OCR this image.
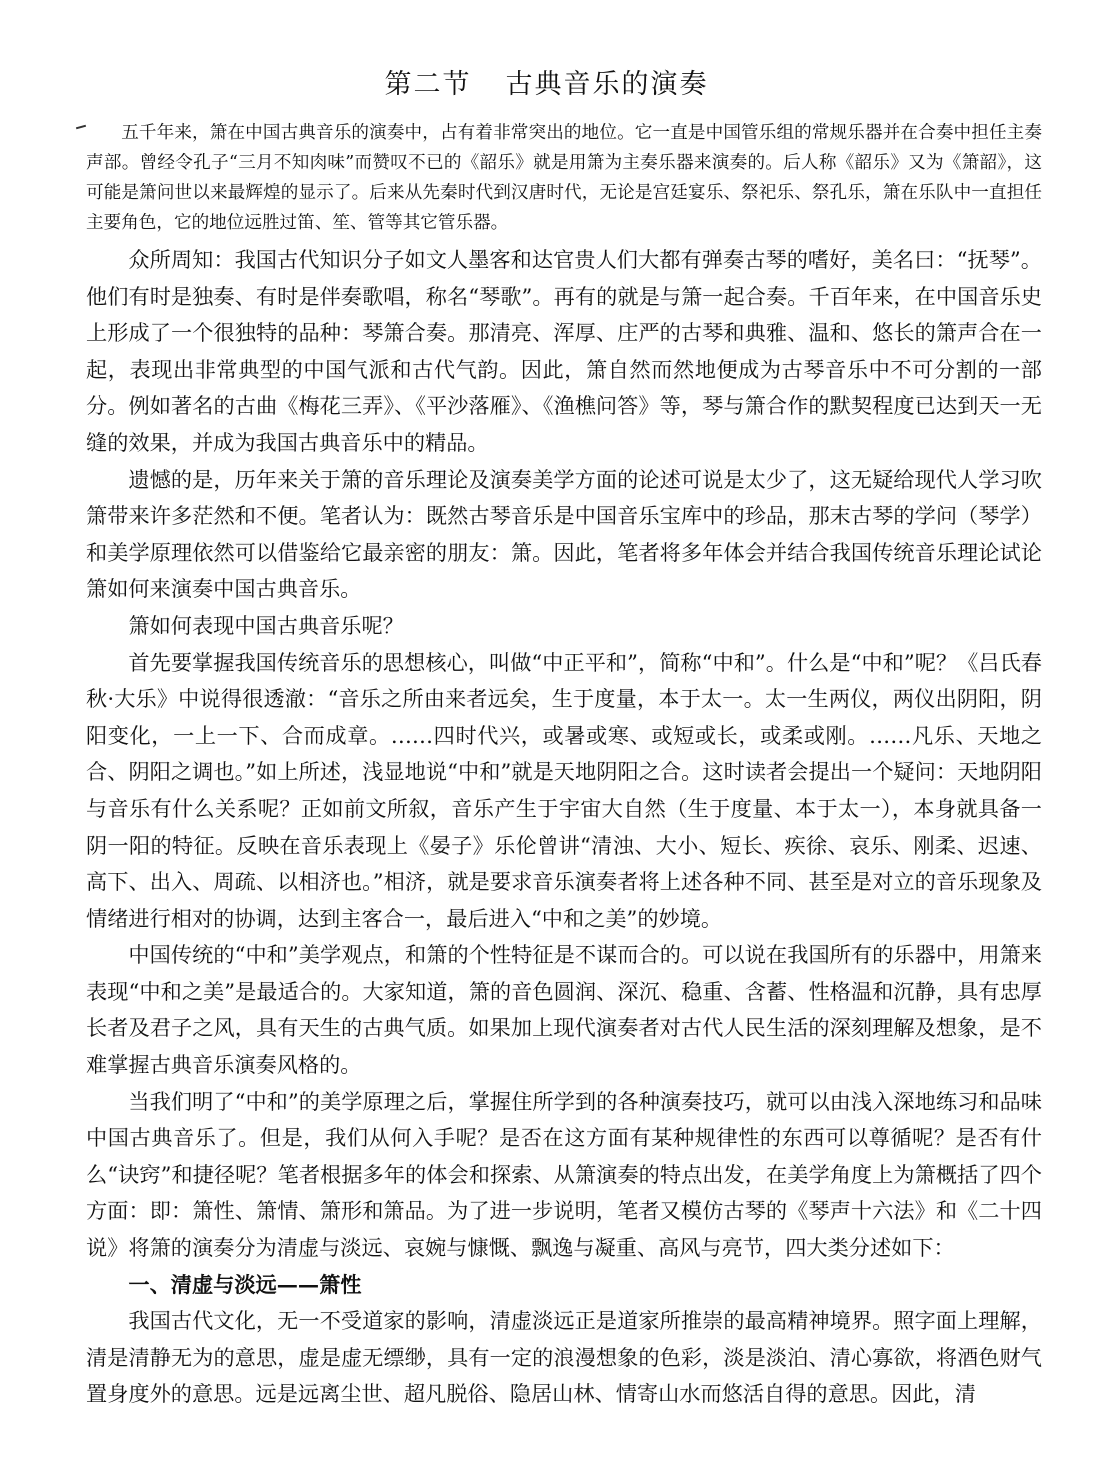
第二节 古典音乐的演奏

五千年来，箫在中国古典音乐的演奏中，占有着非常突出的地位。它一直是中国管乐组的常规乐器并在合奏中担任主奏声部。曾经令孔子“三月不知肉味”而赞叹不已的《韶乐》就是用箫为主奏乐器来演奏的。后人称《韶乐》又为《箫韶》，这可能是箫问世以来最辉煌的显示了。后来从先秦时代到汉唐时代，无论是宫廷宴乐、祭祀乐、祭孔乐，箫在乐队中一直担任主要角色，它的地位远胜过笛、笙、管等其它管乐器。

众所周知：我国古代知识分子如文人墨客和达官贵人们大都有弹奏古琴的嗜好，美名曰：“抚琴”。他们有时是独奏、有时是伴奏歌唱，称名“琴歌”。再有的就是与箫一起合奏。千百年来，在中国音乐史上形成了一个很独特的品种：琴箫合奏。那清亮、浑厚、庄严的古琴和典雅、温和、悠长的箫声合在一起，表现出非常典型的中国气派和古代气韵。因此，箫自然而然地便成为古琴音乐中不可分割的一部分。例如著名的古曲《梅花三弄》、《平沙落雁》、《渔樵问答》等，琴与箫合作的默契程度已达到天一无缝的效果，并成为我国古典音乐中的精品。

遗憾的是，历年来关于箫的音乐理论及演奏美学方面的论述可说是太少了，这无疑给现代人学习吹箫带来许多茫然和不便。笔者认为：既然古琴音乐是中国音乐宝库中的珍品，那末古琴的学问（琴学）和美学原理依然可以借鉴给它最亲密的朋友：箫。因此，笔者将多年体会并结合我国传统音乐理论试论箫如何来演奏中国古典音乐。

箫如何表现中国古典音乐呢？

首先要掌握我国传统音乐的思想核心，叫做“中正平和”，简称“中和”。什么是“中和”呢？《吕氏春秋·大乐》中说得很透澈：“音乐之所由来者远矣，生于度量，本于太一。太一生两仪，两仪出阴阳，阴阳变化，一上一下、合而成章。……四时代兴，或暑或寒、或短或长，或柔或刚。……凡乐、天地之合、阴阳之调也。”如上所述，浅显地说“中和”就是天地阴阳之合。这时读者会提出一个疑问：天地阴阳与音乐有什么关系呢？正如前文所叙，音乐产生于宇宙大自然（生于度量、本于太一），本身就具备一阴一阳的特征。反映在音乐表现上《晏子》乐伦曾讲“清浊、大小、短长、疾徐、哀乐、刚柔、迟速、高下、出入、周疏、以相济也。”相济，就是要求音乐演奏者将上述各种不同、甚至是对立的音乐现象及情绪进行相对的协调，达到主客合一，最后进入“中和之美”的妙境。

中国传统的“中和”美学观点，和箫的个性特征是不谋而合的。可以说在我国所有的乐器中，用箫来表现“中和之美”是最适合的。大家知道，箫的音色圆润、深沉、稳重、含蓄、性格温和沉静，具有忠厚长者及君子之风，具有天生的古典气质。如果加上现代演奏者对古代人民生活的深刻理解及想象，是不难掌握古典音乐演奏风格的。

当我们明了“中和”的美学原理之后，掌握住所学到的各种演奏技巧，就可以由浅入深地练习和品味中国古典音乐了。但是，我们从何入手呢？是否在这方面有某种规律性的东西可以尊循呢？是否有什么“诀窍”和捷径呢？笔者根据多年的体会和探索、从箫演奏的特点出发，在美学角度上为箫概括了四个方面：即：箫性、箫情、箫形和箫品。为了进一步说明，笔者又模仿古琴的《琴声十六法》和《二十四说》将箫的演奏分为清虚与淡远、哀婉与慷慨、飘逸与凝重、高风与亮节，四大类分述如下：

一、清虚与淡远——箫性

我国古代文化，无一不受道家的影响，清虚淡远正是道家所推崇的最高精神境界。照字面上理解，清是清静无为的意思，虚是虚无缥缈，具有一定的浪漫想象的色彩，淡是淡泊、清心寡欲，将酒色财气置身度外的意思。远是远离尘世、超凡脱俗、隐居山林、情寄山水而悠活自得的意思。因此，清
